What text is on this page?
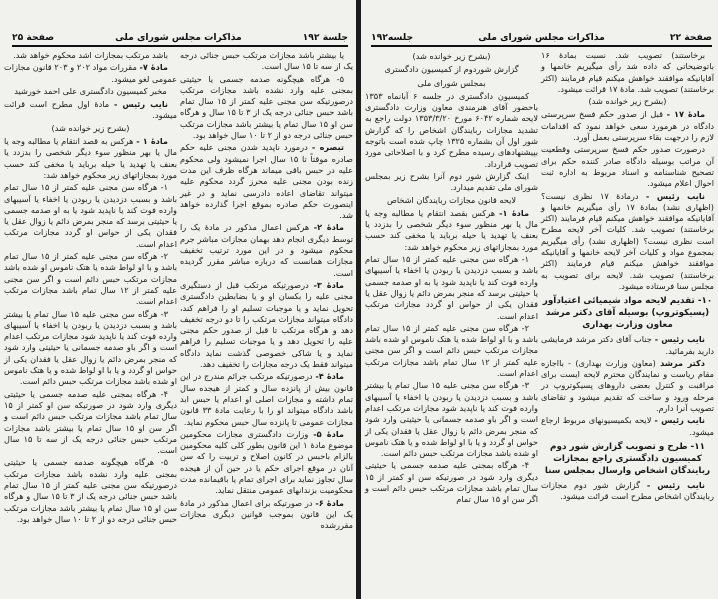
جلسة ۱۹۲
مذاکرات مجلس شورای ملی
صفحة ۲۵

یا بیشتر باشد مجازات مرتکب حبس جنائی درجه یک از سه تا ۱۵ سال است.

۵- هرگاه هیچگونه صدمه جسمی یا حیثیتی بمجنی علیه وارد نشده باشد مجازات مرتکب درصورتیکه سن مجنی علیه کمتر از ۱۵ سال تمام باشد حبس جنائی درجه یک از ۳ تا ۱۵ سال و هرگاه سن او ۱۵ سال تمام یا بیشتر باشد مجازات مرتکب حبس جنائی درجه دو از ۲ تا ۱۰ سال خواهد بود.

تبصره - درمورد ناپدید شدن مجنی علیه حکم صادره موقتاً تا ۱۵ سال اجرا نمیشود ولی محکوم علیه در حبس باقی میماند هرگاه ظرف این مدت زنده بودن مجنی علیه محرز گردد محکوم علیه میتواند تقاضای اعاده دادرسی نماید و در غیر اینصورت حکم صادره بموقع اجرا گذارده خواهد شد.

مادهٔ ۲- هرکس اعمال مذکور در مادهٔ یک را توسط دیگری انجام دهد بهمان مجازات مباشر جرم محکوم میشود و در این مورد ترتیب تخفیف مجازات همانست که درباره مباشر مقرر گردیده است.

مادهٔ ۳- درصورتیکه مرتکب قبل از دستگیری مجنی علیه را بکسان او و یا بضابطین دادگستری تحویل نماید و یا موجبات تسلیم او را فراهم کند، دادگاه میتواند مجازات مرتکب را تا دو درجه تخفیف دهد و هرگاه مرتکب تا قبل از صدور حکم مجنی علیه را تحویل دهد و یا موجبات تسلیم را فراهم نماید و یا شاکی خصوصی گذشت نماید دادگاه میتواند فقط یک درجه مجازات را تخفیف دهد.

مادهٔ ۴- درصورتیکه مرتکب جرائم مندرج در این قانون بیش از پانزده سال و کمتر از هیجده سال تمام داشته و مجازات اصلی او اعدام یا حبس ابد باشد دادگاه میتواند او را با رعایت مادهٔ ۳۳ قانون مجازات عمومی تا پانزده سال حبس محکوم نماید.

مادهٔ ۵- وزارت دادگستری مجازات محکومین موضوع مادهٔ ۱ این قانون بطور کلی کلیه محکومین بالزام باحبس در کانون اصلاح و تربیت را که سن آنان در موقع اجرای حکم یا در حین آن از هیجده سال تجاوز نماید برای اجرای تمام یا باقیمانده مدت محکومیت بزندانهای عمومی منتقل نماید.

مادهٔ ۶- در صورتیکه برای اعمال مذکور در مادهٔ یک این قانون بموجب قوانین دیگری مجازات مقررشده

باشد مرتکب بمجازات اشد محکوم خواهد شد.

مادهٔ ۷- مقررات مواد ۲۰۲ و ۲۰۳ قانون مجازات عمومی لغو میشود.

مخبر کمیسیون دادگستری علی احمد خورشید

نایب رئیس - مادهٔ اول مطرح است قرائت میشود.

(بشرح زیر خوانده شد)

مادهٔ ۱ - هرکس به قصد انتقام یا مطالبه وجه یا مال یا بهر منظور سوء دیگر شخصی را بدزدد یا بعنف یا تهدید یا حیله برباید یا مخفی کند حسب مورد بمجازاتهای زیر محکوم خواهد شد:

۱- هرگاه سن مجنی علیه کمتر از ۱۵ سال تمام باشد و بسبب دزدیدن یا ربودن یا اخفاء یا آسیبهای وارده فوت کند یا ناپدید شود یا به او صدمه جسمی یا حیثیتی برسد که منجر بمرض دائم یا زوال عقل یا فقدان یکی از حواس او گردد مجازات مرتکب اعدام است.

۲- هرگاه سن مجنی علیه کمتر از ۱۵ سال تمام باشد و با او لواط شده یا هتک ناموس او شده باشد مجازات مرتکب حبس دائم است و اگر سن مجنی علیه کمتر از ۱۲ سال تمام باشد مجازات مرتکب اعدام است.

۳- هرگاه سن مجنی علیه ۱۵ سال تمام یا بیشتر باشد و بسبب دزدیدن یا ربودن یا اخفاء یا آسیبهای وارده فوت کند یا ناپدید شود مجازات مرتکب اعدام است و اگر باو صدمه جسمانی یا حیثیتی وارد شود که منجر بمرض دائم یا زوال عقل یا فقدان یکی از حواس او گردد و یا با او لواط شده و یا هتک ناموس او شده باشد مجازات مرتکب حبس دائم است.

۴- هرگاه بمجنی علیه صدمه جسمی یا حیثیتی دیگری وارد شود در صورتیکه سن او کمتر از ۱۵ سال تمام باشد مجازات مرتکب حبس دائم است و اگر سن او ۱۵ سال تمام یا بیشتر باشد مجازات مرتکب حبس جنائی درجه یک از سه تا ۱۵ سال است.

۵- هرگاه هیچگونه صدمه جسمی یا حیثیتی بمجنی علیه وارد نشده باشد مجازات مرتکب درصورتیکه سن مجنی علیه کمتر از ۱۵ سال تمام باشد حبس جنائی درجه یک از ۳ تا ۱۵ سال و هرگاه سن او ۱۵ سال تمام یا بیشتر باشد مجازات مرتکب حبس جنائی درجه دو از ۲ تا ۱۰ سال خواهد بود.

صفحة ۲۲
مذاکرات مجلس شورای ملی
جلسه۱۹۲

برخاستند) تصویب شد. نسبت بمادهٔ ۱۶ باتوضیحاتی که داده شد رأی میگیریم خانمها و آقایانیکه موافقند خواهش میکنم قیام فرمایند (اکثر برخاستند) تصویب شد. مادهٔ ۱۷ قرائت میشود.

(بشرح زیر خوانده شد)

مادهٔ ۱۷ - قبل از صدور حکم فسخ سرپرستی دادگاه در هرمورد سعی خواهد نمود که اقدامات لازم را درجهت بقاء سرپرستی بعمل آورد.

درصورت صدور حکم فسخ سرپرستی وقطعیت آن مراتب بوسیله دادگاه صادر کننده حکم برای تصحیح شناسنامه و اسناد مربوط به اداره ثبت احوال اعلام میشود.

نایب رئیس - درمادهٔ ۱۷ نظری نیست؟ (اظهاری نشد) بمادهٔ ۱۷ رأی میگیریم خانمها و آقایانیکه موافقند خواهش میکنم قیام فرمایند (اکثر برخاستند) تصویب شد. کلیات آخر لایحه مطرح است نظری نیست؟ (اظهاری نشد) رأی میگیریم بمجموع مواد و کلیات آخر لایحه خانمها و آقایانیکه موافقند خواهش میکنم قیام فرمایند (اکثر برخاستند) تصویب شد. لایحه برای تصویب به مجلس سنا فرستاده میشود.

۱۰- تقدیم لایحه مواد شیمیائی اعتیادآور (پسیکوتروپ) بوسیله آقای دکتر مرشد معاون وزارت بهداری

نایب رئیس - جناب آقای دکتر مرشد فرمایشی دارید بفرمائید.

دکتر مرشد (معاون وزارت بهداری) - بااجازه مقام ریاست و نمایندگان محترم لایحه ایست برای مراقبت و کنترل بعضی داروهای پسیکوتروپ در مرحله ورود و ساخت که تقدیم میشود و تقاضای تصویب آنرا دارم.

نایب رئیس - لایحه بکمیسیونهای مربوط ارجاع میشود.

۱۱- طرح و تصویب گزارش شور دوم کمیسیون دادگستری راجع بمجازات ربایندگان اشخاص وارسال بمجلس سنا

نایب رئیس - گزارش شور دوم مجازات ربایندگان اشخاص مطرح است قرائت میشود.

(بشرح زیر خوانده شد)

گزارش شوردوم از کمیسیون دادگستری

بمجلس شورای ملی

کمیسیون دادگستری در جلسه ۶ آبانماه ۱۳۵۳ باحضور آقای هنرمندی معاون وزارت دادگستری لایحه شماره ۶۰۴۲ مورخ ۱۳۵۳/۳/۲۰ دولت راجع به تشدید مجازات ربایندگان اشخاص را که گزارش شور اول آن بشماره ۱۳۲۵ چاپ شده است باتوجه بپیشنهادهای رسیده مطرح کرد و با اصلاحاتی مورد تصویب قرارداد.

اینک گزارش شور دوم آنرا بشرح زیر بمجلس شورای ملی تقدیم میدارد.

لایحه قانون مجازات ربایندگان اشخاص

مادهٔ ۱- هرکس بقصد انتقام یا مطالبه وجه یا مال یا بهر منظور سوء دیگر شخصی را بدزدد یا بعنف یا تهدید یا حیله برباید یا مخفی کند حسب مورد بمجازاتهای زیر محکوم خواهد شد:

۱- هرگاه سن مجنی علیه کمتر از ۱۵ سال تمام باشد و بسبب دزدیدن یا ربودن یا اخفاء یا آسیبهای وارده فوت کند یا ناپدید شود یا به او صدمه جسمی یا حیثیتی برسد که منجر بمرض دائم یا زوال عقل یا فقدان یکی از حواس او گردد مجازات مرتکب اعدام است.

۲- هرگاه سن مجنی علیه کمتر از ۱۵ سال تمام باشد و با او لواط شده یا هتک ناموس او شده باشد مجازات مرتکب حبس دائم است و اگر سن مجنی علیه کمتر از ۱۲ سال تمام باشد مجازات مرتکب اعدام است.

۳- هرگاه سن مجنی علیه ۱۵ سال تمام یا بیشتر باشد و بسبب دزدیدن یا ربودن یا اخفاء یا آسیبهای وارده فوت کند یا ناپدید شود مجازات مرتکب اعدام است و اگر باو صدمه جسمانی یا حیثیتی وارد شود که منجر بمرض دائم یا زوال عقل یا فقدان یکی از حواس او گردد و یا با او لواط شده و یا هتک ناموس او شده باشد مجازات مرتکب حبس دائم است.

۴- هرگاه بمجنی علیه صدمه جسمی یا حیثیتی دیگری وارد شود در صورتیکه سن او کمتر از ۱۵ سال تمام باشد مجازات مرتکب حبس دائم است و اگر سن او ۱۵ سال تمام
